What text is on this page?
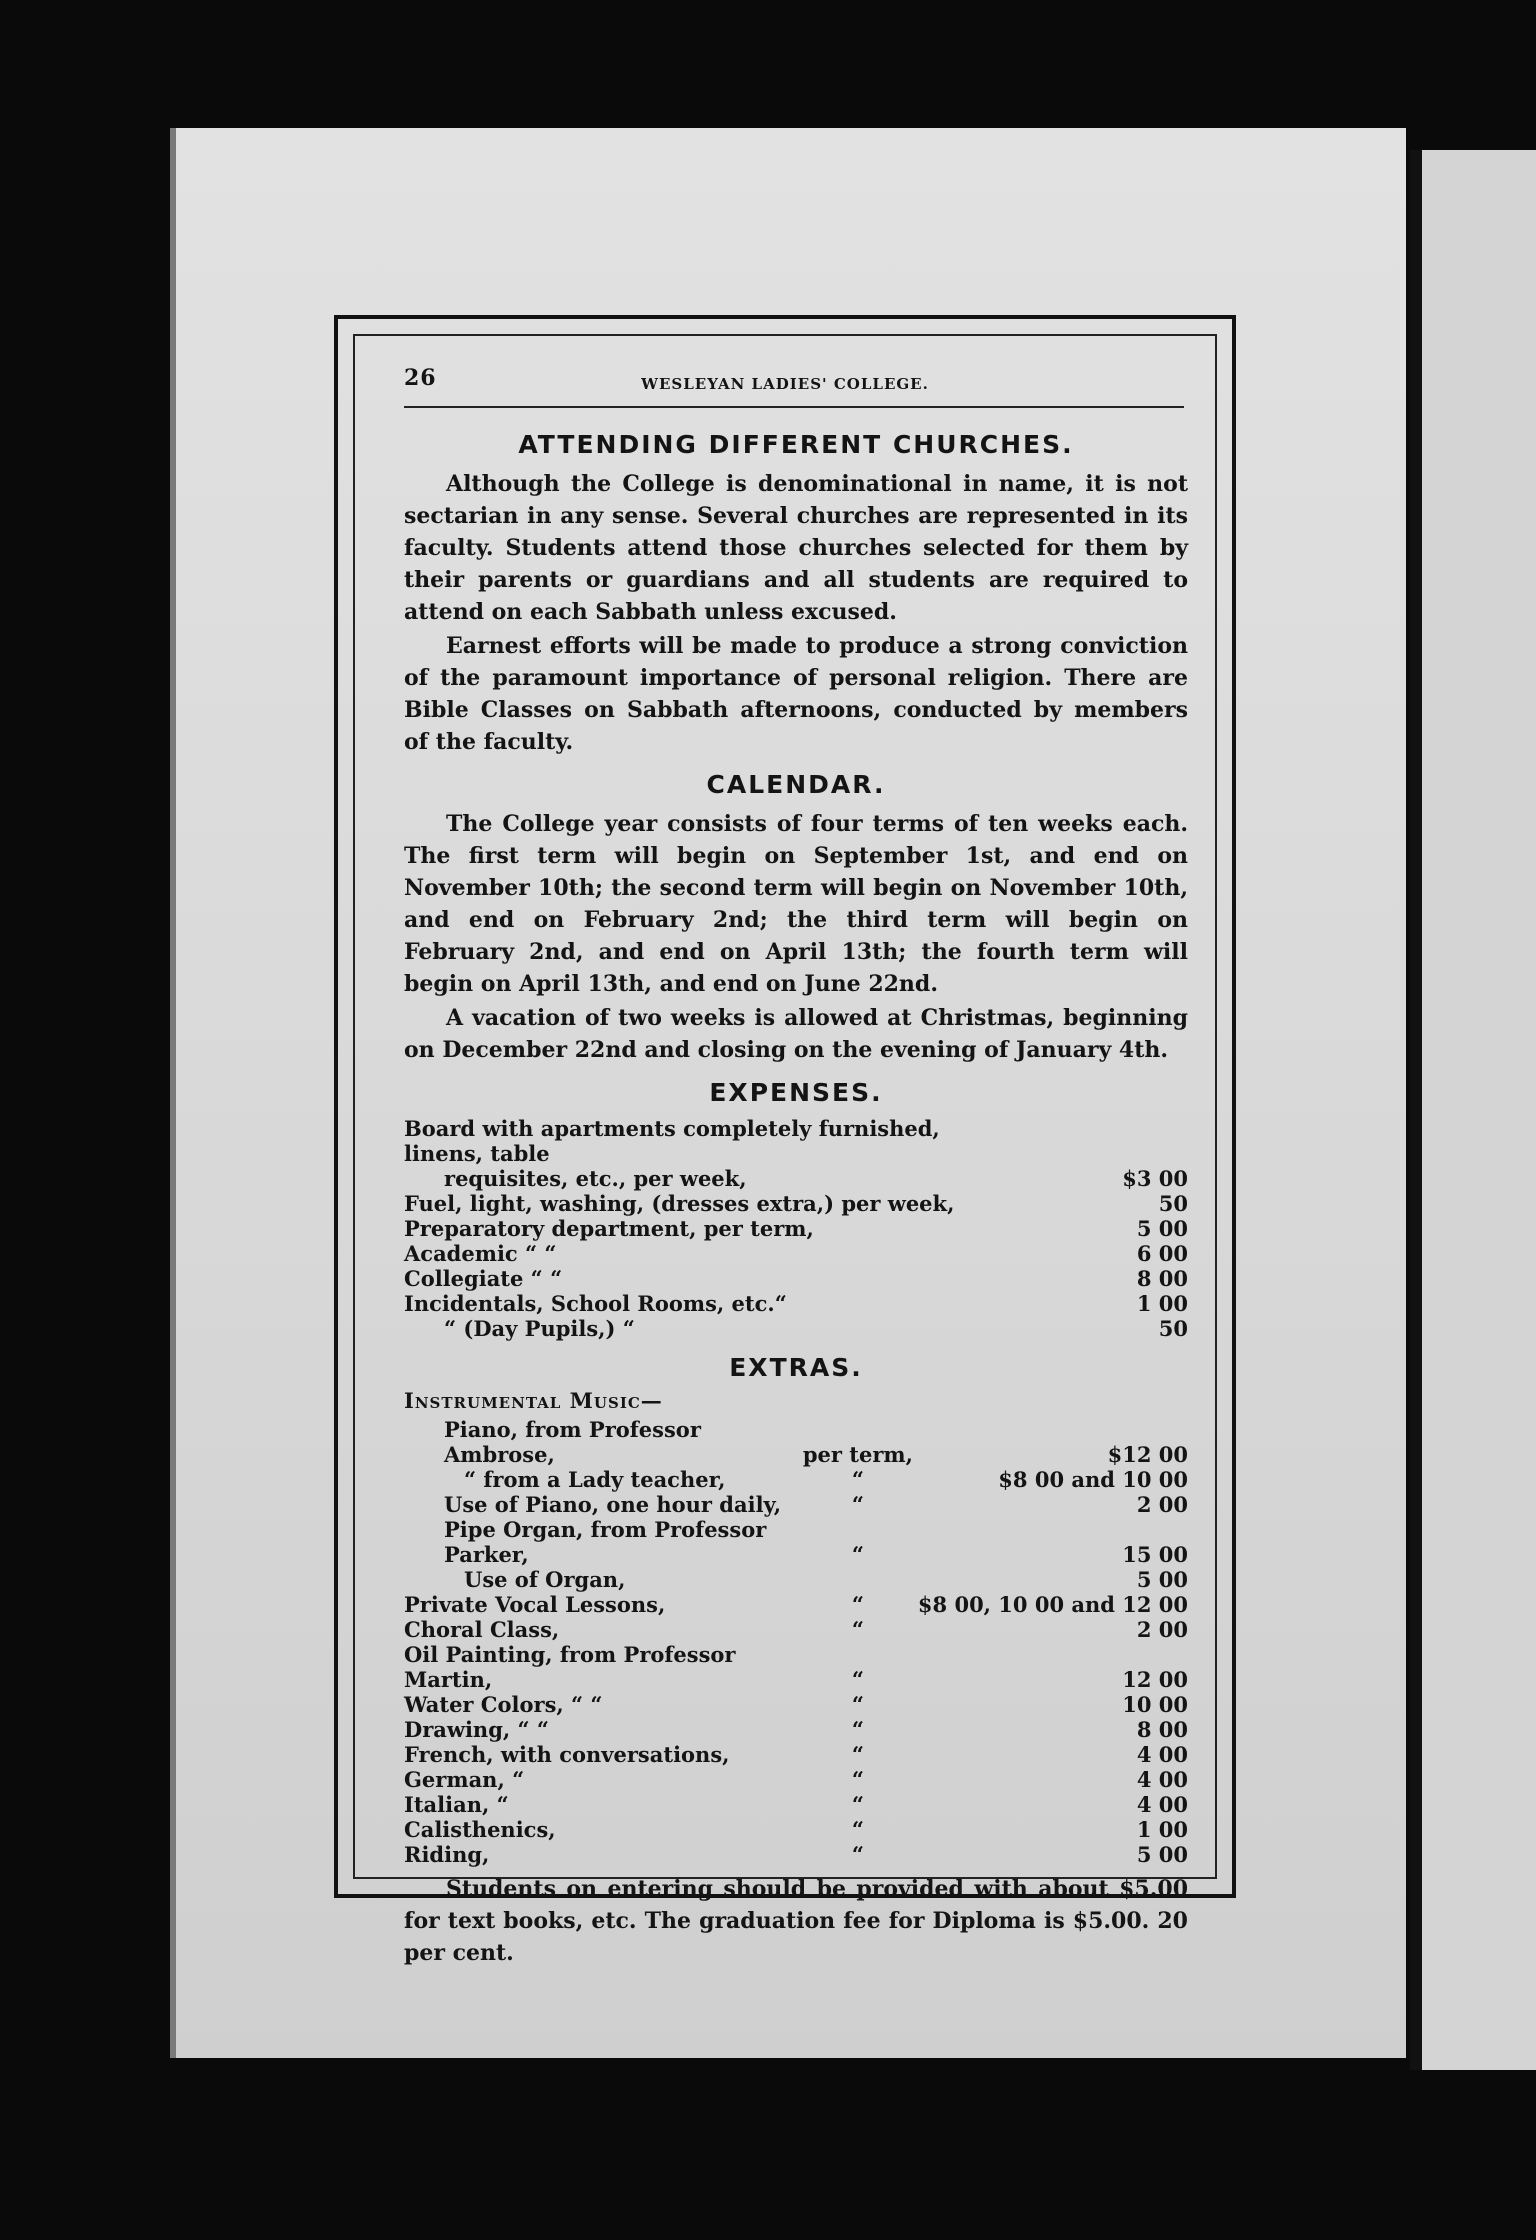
26	WESLEYAN LADIES' COLLEGE.
ATTENDING DIFFERENT CHURCHES.

Although the College is denominational in name, it is not sectarian in any sense. Several churches are represented in its faculty. Students attend those churches selected for them by their parents or guardians and all students are required to attend on each Sabbath unless excused.

Earnest efforts will be made to produce a strong conviction of the paramount importance of personal religion. There are Bible Classes on Sabbath afternoons, conducted by members of the faculty.

CALENDAR.

The College year consists of four terms of ten weeks each. The first term will begin on September 1st, and end on November 10th; the second term will begin on November 10th, and end on February 2nd; the third term will begin on February 2nd, and end on April 13th; the fourth term will begin on April 13th, and end on June 22nd.

A vacation of two weeks is allowed at Christmas, beginning on December 22nd and closing on the evening of January 4th.

EXPENSES.
Board with apartments completely furnished, linens, table	
requisites, etc., per week,	$3 00
Fuel, light, washing, (dresses extra,) per week,	50
Preparatory department, per term,	5 00
Academic “ “	6 00
Collegiate “ “	8 00
Incidentals, School Rooms, etc.“	1 00
“ (Day Pupils,) “	50
EXTRAS.
Instrumental Music—
Piano, from Professor Ambrose,	per term,	$12 00
“ from a Lady teacher,	“	$8 00 and 10 00
Use of Piano, one hour daily,	“	2 00
Pipe Organ, from Professor Parker,	“	15 00
Use of Organ,		5 00
Private Vocal Lessons,	“	$8 00, 10 00 and 12 00
Choral Class,	“	2 00
Oil Painting, from Professor Martin,	“	12 00
Water Colors, “ “	“	10 00
Drawing, “ “	“	8 00
French, with conversations,	“	4 00
German, “	“	4 00
Italian, “	“	4 00
Calisthenics,	“	1 00
Riding,	“	5 00

Students on entering should be provided with about $5.00 for text books, etc. The graduation fee for Diploma is $5.00. 20 per cent.
